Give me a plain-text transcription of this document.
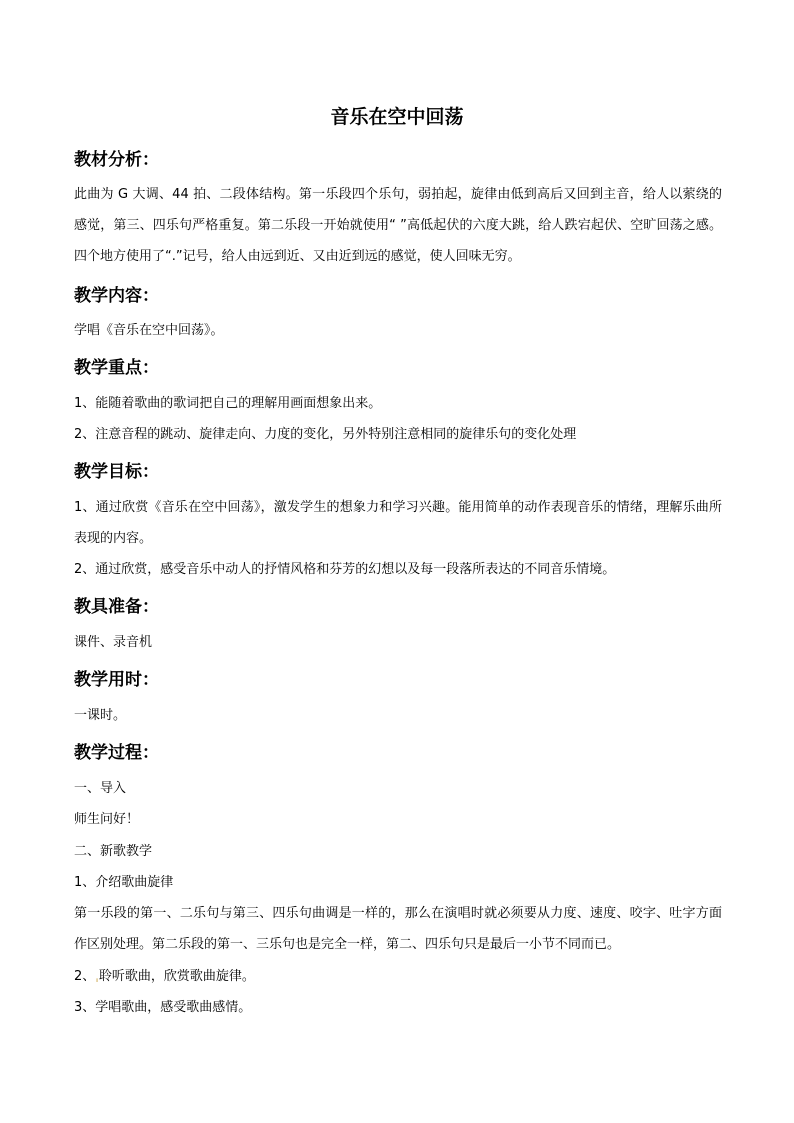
音乐在空中回荡
教材分析：
此曲为 G 大调、44 拍、二段体结构。第一乐段四个乐句，弱拍起，旋律由低到高后又回到主音，给人以萦绕的感觉，第三、四乐句严格重复。第二乐段一开始就使用“ ”高低起伏的六度大跳，给人跌宕起伏、空旷回荡之感。四个地方使用了“.”记号，给人由远到近、又由近到远的感觉，使人回味无穷。
教学内容：
学唱《音乐在空中回荡》。
教学重点：
1、能随着歌曲的歌词把自己的理解用画面想象出来。
2、注意音程的跳动、旋律走向、力度的变化，另外特别注意相同的旋律乐句的变化处理
教学目标：
1、通过欣赏《音乐在空中回荡》，激发学生的想象力和学习兴趣。能用简单的动作表现音乐的情绪，理解乐曲所表现的内容。
2、通过欣赏，感受音乐中动人的抒情风格和芬芳的幻想以及每一段落所表达的不同音乐情境。
教具准备：
课件、录音机
教学用时：
一课时。
教学过程：
一、导入
师生问好！
二、新歌教学
1、介绍歌曲旋律
第一乐段的第一、二乐句与第三、四乐句曲调是一样的，那么在演唱时就必须要从力度、速度、咬字、吐字方面作区别处理。第二乐段的第一、三乐句也是完全一样，第二、四乐句只是最后一小节不同而已。
2、ˌ聆听歌曲，欣赏歌曲旋律。
3、学唱歌曲，感受歌曲感情。
